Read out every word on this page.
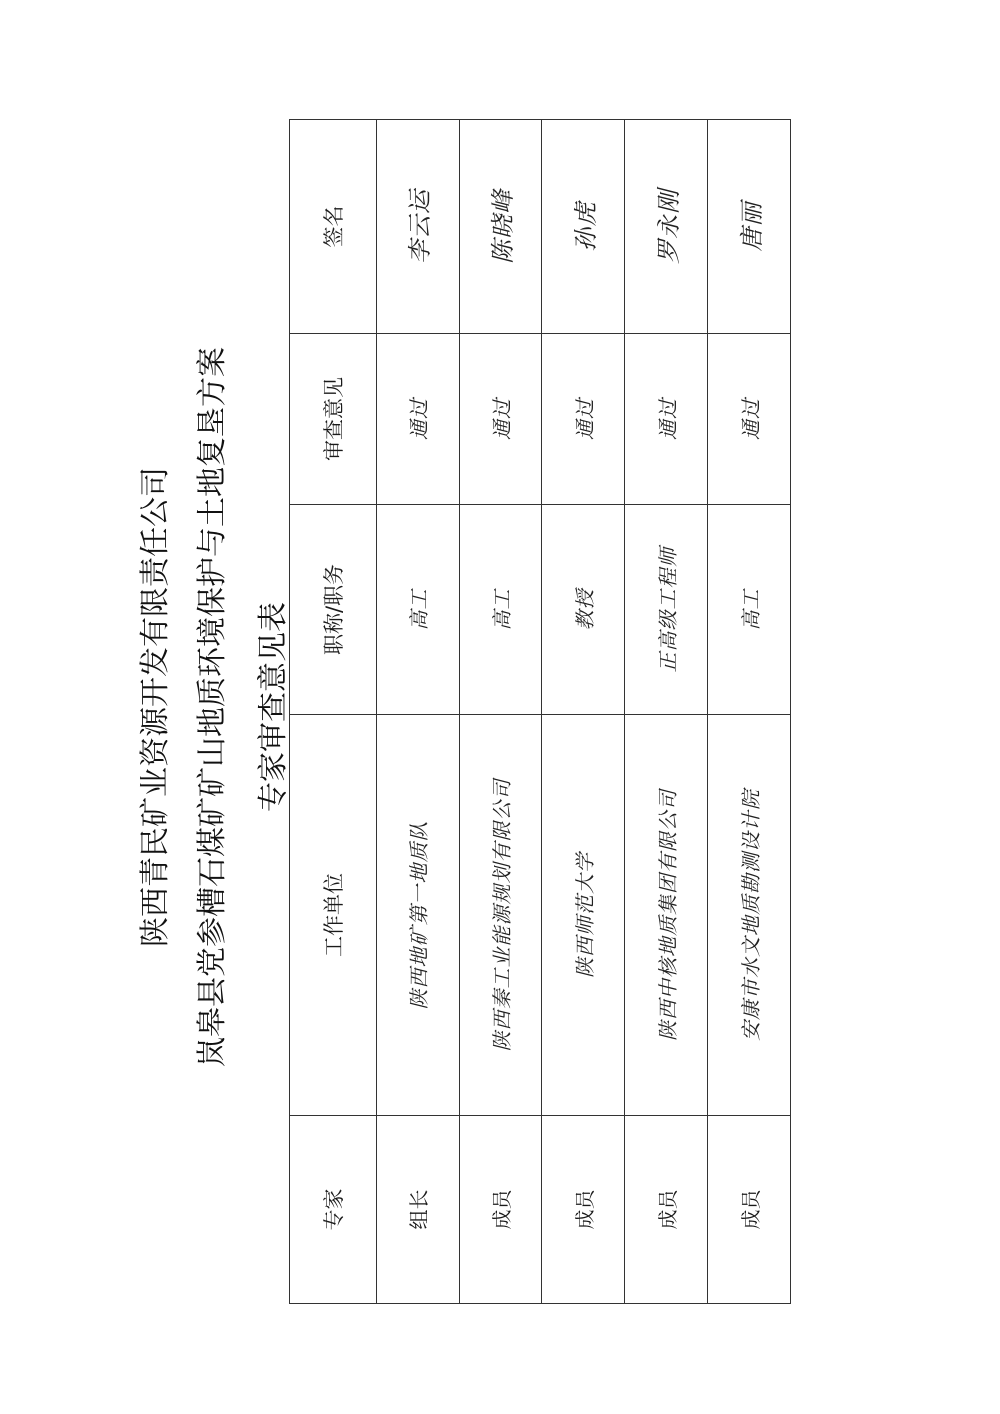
陕西青民矿业资源开发有限责任公司 岚皋县党参槽石煤矿矿山地质环境保护与土地复垦方案 专家审查意见表
专家	工作单位	职称/职务	审查意见	签名
组长	陕西地矿第一地质队	高工	通过	李云运
成员	陕西秦工业能源规划有限公司	高工	通过	陈晓峰
成员	陕西师范大学	教授	通过	孙虎
成员	陕西中核地质集团有限公司	正高级工程师	通过	罗永刚
成员	安康市水文地质勘测设计院	高工	通过	唐丽
